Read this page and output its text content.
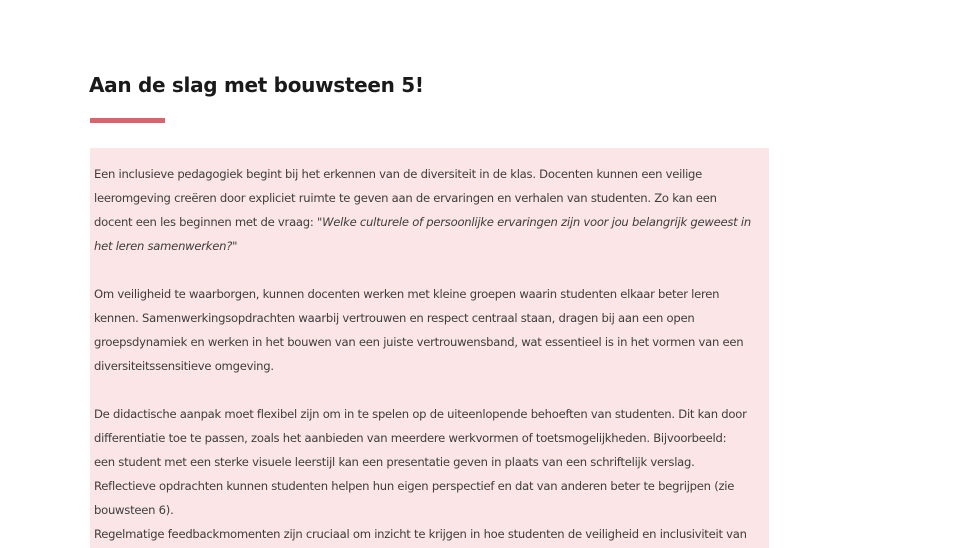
Aan de slag met bouwsteen 5!
Een inclusieve pedagogiek begint bij het erkennen van de diversiteit in de klas. Docenten kunnen een veilige
leeromgeving creëren door expliciet ruimte te geven aan de ervaringen en verhalen van studenten. Zo kan een
docent een les beginnen met de vraag: "Welke culturele of persoonlijke ervaringen zijn voor jou belangrijk geweest in
het leren samenwerken?"
Om veiligheid te waarborgen, kunnen docenten werken met kleine groepen waarin studenten elkaar beter leren
kennen. Samenwerkingsopdrachten waarbij vertrouwen en respect centraal staan, dragen bij aan een open
groepsdynamiek en werken in het bouwen van een juiste vertrouwensband, wat essentieel is in het vormen van een
diversiteitssensitieve omgeving.
De didactische aanpak moet flexibel zijn om in te spelen op de uiteenlopende behoeften van studenten. Dit kan door
differentiatie toe te passen, zoals het aanbieden van meerdere werkvormen of toetsmogelijkheden. Bijvoorbeeld:
een student met een sterke visuele leerstijl kan een presentatie geven in plaats van een schriftelijk verslag.
Reflectieve opdrachten kunnen studenten helpen hun eigen perspectief en dat van anderen beter te begrijpen (zie
bouwsteen 6).
Regelmatige feedbackmomenten zijn cruciaal om inzicht te krijgen in hoe studenten de veiligheid en inclusiviteit van
